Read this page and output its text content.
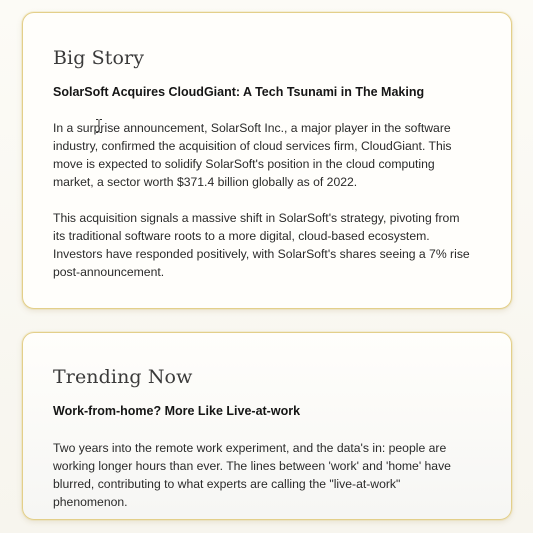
Big Story
SolarSoft Acquires CloudGiant: A Tech Tsunami in The Making

In a surprise announcement, SolarSoft Inc., a major player in the software industry, confirmed the acquisition of cloud services firm, CloudGiant. This move is expected to solidify SolarSoft's position in the cloud computing market, a sector worth $371.4 billion globally as of 2022.

This acquisition signals a massive shift in SolarSoft's strategy, pivoting from its traditional software roots to a more digital, cloud-based ecosystem. Investors have responded positively, with SolarSoft's shares seeing a 7% rise post-announcement.

Trending Now
Work-from-home? More Like Live-at-work

Two years into the remote work experiment, and the data's in: people are working longer hours than ever. The lines between 'work' and 'home' have blurred, contributing to what experts are calling the "live-at-work" phenomenon.
